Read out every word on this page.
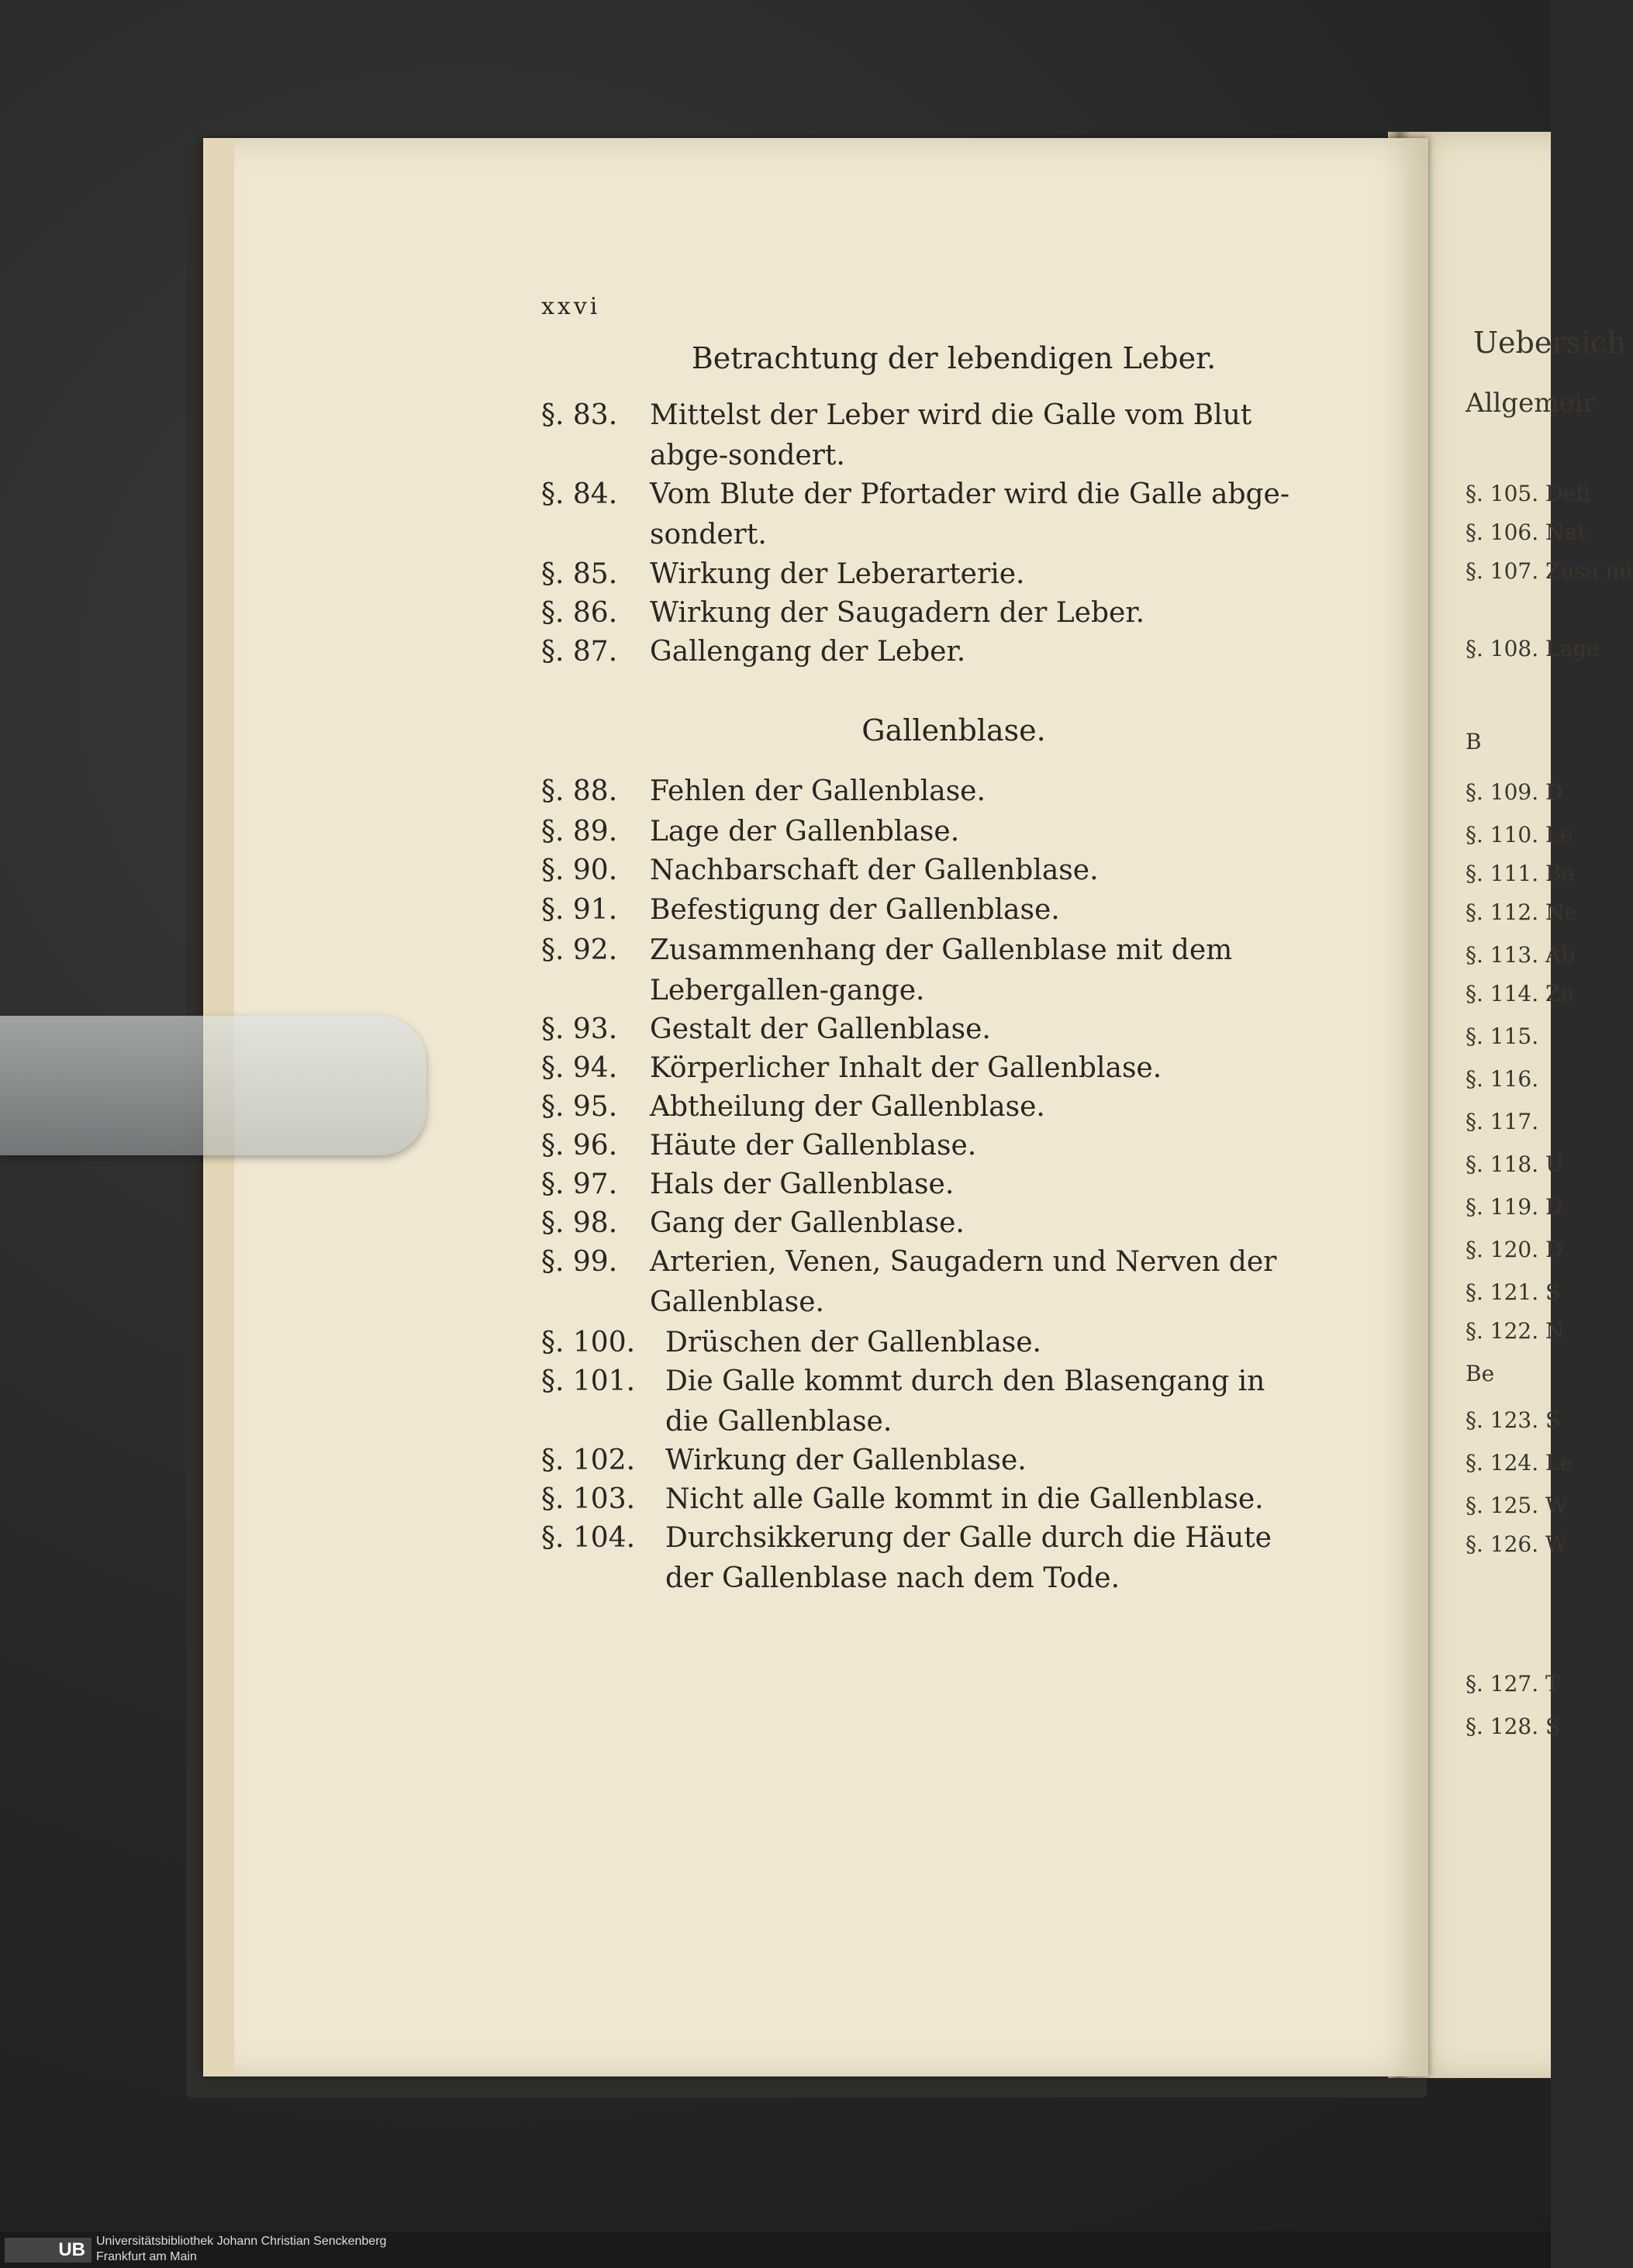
xxvi
Betrachtung der lebendigen Leber.
Gallenblase.
§. 83.	Mittelst der Leber wird die Galle vom Blut abge-sondert.
§. 84.	Vom Blute der Pfortader wird die Galle abge-sondert.
§. 85.	Wirkung der Leberarterie.
§. 86.	Wirkung der Saugadern der Leber.
§. 87.	Gallengang der Leber.
§. 88.	Fehlen der Gallenblase.
§. 89.	Lage der Gallenblase.
§. 90.	Nachbarschaft der Gallenblase.
§. 91.	Befestigung der Gallenblase.
§. 92.	Zusammenhang der Gallenblase mit dem Lebergallen-gange.
§. 93.	Gestalt der Gallenblase.
§. 94.	Körperlicher Inhalt der Gallenblase.
§. 95.	Abtheilung der Gallenblase.
§. 96.	Häute der Gallenblase.
§. 97.	Hals der Gallenblase.
§. 98.	Gang der Gallenblase.
§. 99.	Arterien, Venen, Saugadern und Nerven der Gallenblase.
§. 100.	Drüschen der Gallenblase.
§. 101.	Die Galle kommt durch den Blasengang in die Gallenblase.
§. 102.	Wirkung der Gallenblase.
§. 103.	Nicht alle Galle kommt in die Gallenblase.
§. 104.	Durchsikkerung der Galle durch die Häute der Gallenblase nach dem Tode.
Uebersich
Allgemeir
§. 105. Defi
§. 106. Nat
§. 107. Zusa mi
§. 108. Lage
B
§. 109. D
§. 110. Le
§. 111. Be
§. 112. Ne
§. 113. Ab
§. 114. Zu
§. 115.
§. 116.
§. 117.
§. 118. U
§. 119. D
§. 120. D
§. 121. S
§. 122. N
Be
§. 123. S
§. 124. Le
§. 125. W
§. 126. W
§. 127. T
§. 128. S
UB Universitätsbibliothek Johann Christian Senckenberg
Frankfurt am Main
